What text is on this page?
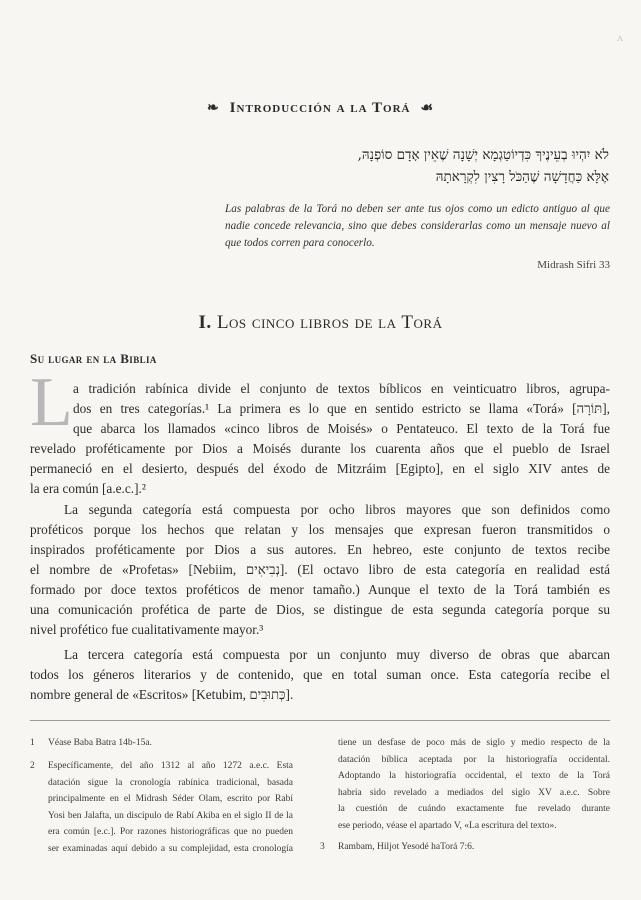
ᴧ
❧ Introducción a la Torá ☙
לֹא יִהְיוּ בְעֵינֶיךָ כִּדְיוֹטַגְמָא יְשָׁנָה שֶׁאֵין אָדָם סוֹפְנָהּ,
אֶלָּא כַּחֲדָשָׁה שֶׁהַכֹּל רָצִין לִקְרָאתָהּ
Las palabras de la Torá no deben ser ante tus ojos como un edicto antiguo al que nadie concede relevancia, sino que debes considerarlas como un mensaje nuevo al que todos corren para conocerlo.
Midrash Sifri 33
I. Los cinco libros de la Torá
Su lugar en la Biblia
L a tradición rabínica divide el conjunto de textos bíblicos en veinticuatro libros, agrupa-
dos en tres categorías.¹ La primera es lo que en sentido estricto se llama «Torá» [תּוֹרָה],
que abarca los llamados «cinco libros de Moisés» o Pentateuco. El texto de la Torá fue
revelado proféticamente por Dios a Moisés durante los cuarenta años que el pueblo de Israel
permaneció en el desierto, después del éxodo de Mitzráim [Egipto], en el siglo XIV antes de
la era común [a.e.c.].²
La segunda categoría está compuesta por ocho libros mayores que son definidos como
proféticos porque los hechos que relatan y los mensajes que expresan fueron transmitidos o
inspirados proféticamente por Dios a sus autores. En hebreo, este conjunto de textos recibe
el nombre de «Profetas» [Nebiim, נְבִיאִים]. (El octavo libro de esta categoría en realidad está
formado por doce textos proféticos de menor tamaño.) Aunque el texto de la Torá también es
una comunicación profética de parte de Dios, se distingue de esta segunda categoría porque su
nivel profético fue cualitativamente mayor.³
La tercera categoría está compuesta por un conjunto muy diverso de obras que abarcan
todos los géneros literarios y de contenido, que en total suman once. Esta categoría recibe el
nombre general de «Escritos» [Ketubim, כְּתוּבִים].
1 Véase Baba Batra 14b-15a.
2 Específicamente, del año 1312 al año 1272 a.e.c. Esta
datación sigue la cronología rabínica tradicional, basada
principalmente en el Midrash Séder Olam, escrito por Rabí
Yosi ben Jalafta, un discípulo de Rabí Akiba en el siglo II de la
era común [e.c.]. Por razones historiográficas que no pueden
ser examinadas aquí debido a su complejidad, esta cronología
tiene un desfase de poco más de siglo y medio respecto de la
datación bíblica aceptada por la historiografía occidental.
Adoptando la historiografía occidental, el texto de la Torá
habría sido revelado a mediados del siglo XV a.e.c. Sobre
la cuestión de cuándo exactamente fue revelado durante
ese periodo, véase el apartado V, «La escritura del texto».
3 Rambam, Hiljot Yesodé haTorá 7:6.
